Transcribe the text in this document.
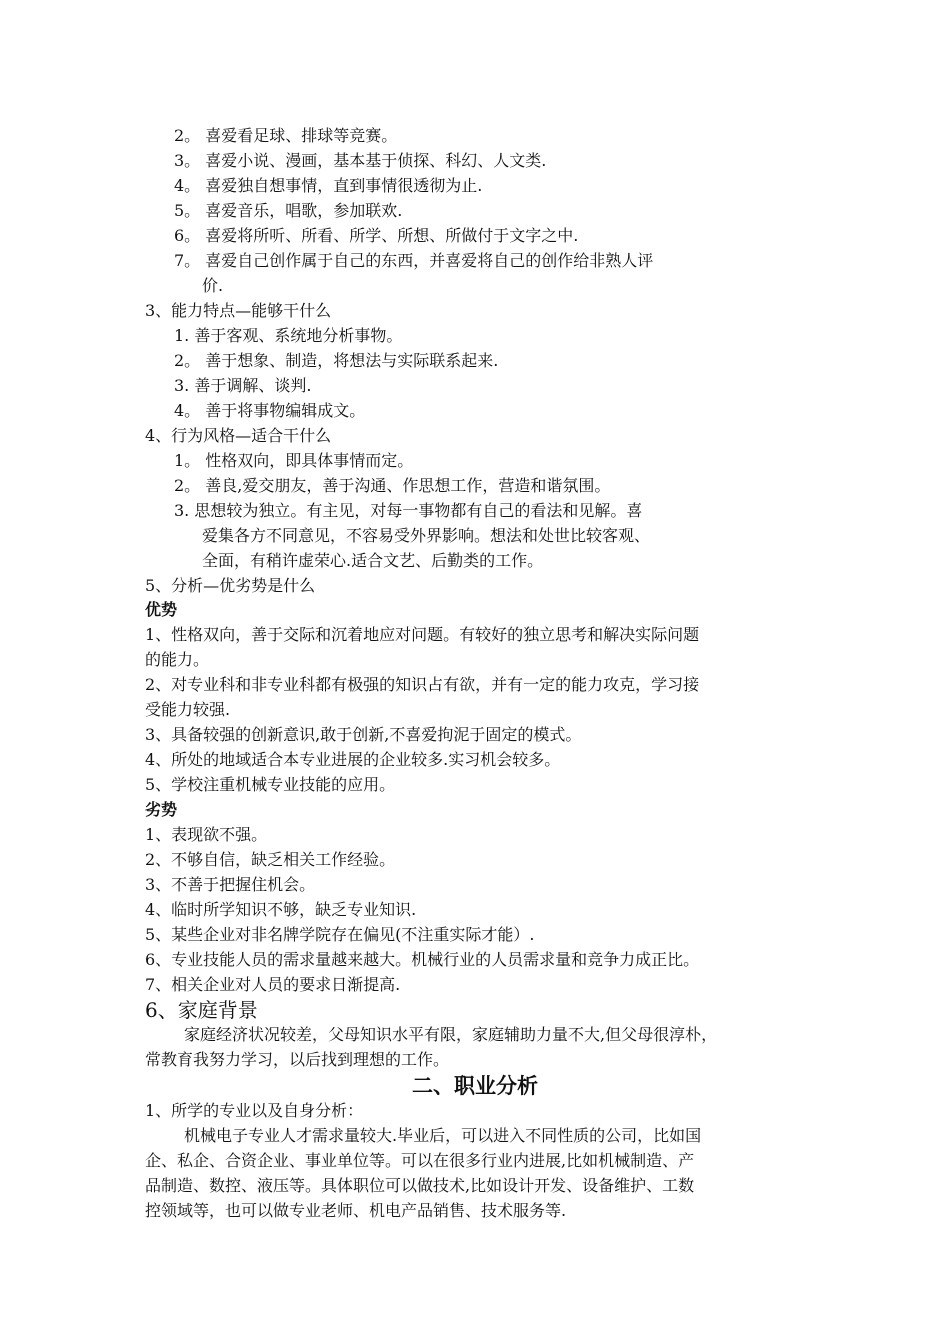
2。 喜爱看足球、排球等竞赛。
3。 喜爱小说、漫画，基本基于侦探、科幻、人文类.
4。 喜爱独自想事情，直到事情很透彻为止.
5。 喜爱音乐，唱歌，参加联欢.
6。 喜爱将所听、所看、所学、所想、所做付于文字之中.
7。 喜爱自己创作属于自己的东西，并喜爱将自己的创作给非熟人评
价.
3、能力特点—能够干什么
1. 善于客观、系统地分析事物。
2。 善于想象、制造，将想法与实际联系起来.
3. 善于调解、谈判.
4。 善于将事物编辑成文。
4、行为风格—适合干什么
1。 性格双向，即具体事情而定。
2。 善良,爱交朋友，善于沟通、作思想工作，营造和谐氛围。
3. 思想较为独立。有主见，对每一事物都有自己的看法和见解。喜
爱集各方不同意见，不容易受外界影响。想法和处世比较客观、
全面，有稍许虚荣心.适合文艺、后勤类的工作。
5、分析—优劣势是什么
优势
1、性格双向，善于交际和沉着地应对问题。有较好的独立思考和解决实际问题
的能力。
2、对专业科和非专业科都有极强的知识占有欲，并有一定的能力攻克，学习接
受能力较强.
3、具备较强的创新意识,敢于创新,不喜爱拘泥于固定的模式。
4、所处的地域适合本专业进展的企业较多.实习机会较多。
5、学校注重机械专业技能的应用。
劣势
1、表现欲不强。
2、不够自信，缺乏相关工作经验。
3、不善于把握住机会。
4、临时所学知识不够，缺乏专业知识.
5、某些企业对非名牌学院存在偏见(不注重实际才能）.
6、专业技能人员的需求量越来越大。机械行业的人员需求量和竞争力成正比。
7、相关企业对人员的要求日渐提高.
6、家庭背景
家庭经济状况较差，父母知识水平有限，家庭辅助力量不大,但父母很淳朴，
常教育我努力学习，以后找到理想的工作。
二、职业分析
1、所学的专业以及自身分析：
机械电子专业人才需求量较大.毕业后，可以进入不同性质的公司，比如国
企、私企、合资企业、事业单位等。可以在很多行业内进展,比如机械制造、产
品制造、数控、液压等。具体职位可以做技术,比如设计开发、设备维护、工数
控领域等，也可以做专业老师、机电产品销售、技术服务等.
